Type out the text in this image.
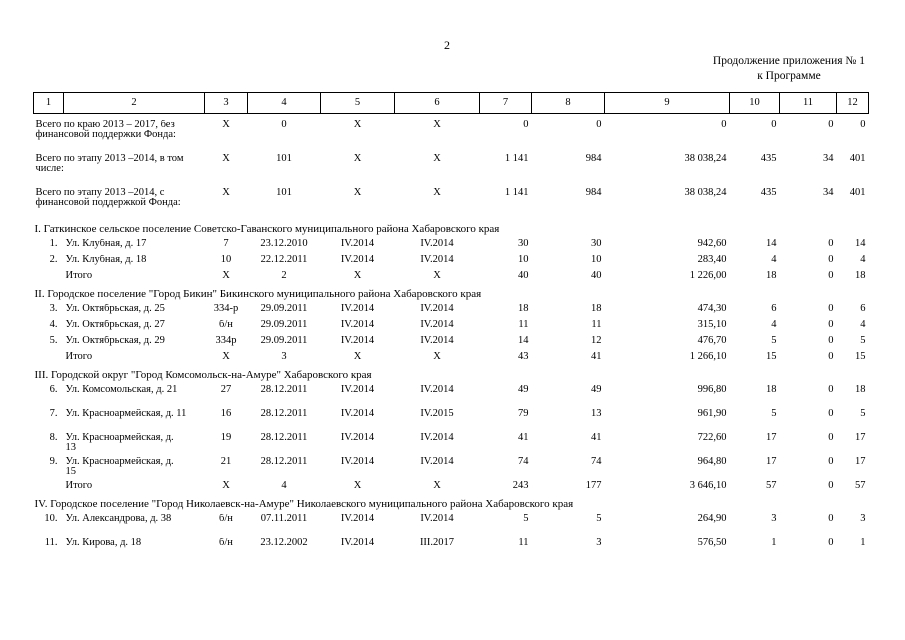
2
Продолжение приложения № 1
к Программе
1	2	3	4	5	6	7	8	9	10	11	12

Всего по краю 2013 – 2017, без финансовой поддержки Фонда:		Х	0	Х	Х	0	0	0	0	0	0
Всего по этапу 2013 –2014, в том числе:		Х	101	Х	Х	1 141	984	38 038,24	435	34	401
Всего по этапу 2013 –2014, с финансовой поддержкой Фонда:		Х	101	Х	Х	1 141	984	38 038,24	435	34	401
I. Гаткинское сельское поселение Советско-Гаванского муниципального района Хабаровского края											
1.	Ул. Клубная, д. 17	7	23.12.2010	IV.2014	IV.2014	30	30	942,60	14	0	14
2.	Ул. Клубная, д. 18	10	22.12.2011	IV.2014	IV.2014	10	10	283,40	4	0	4
	Итого	Х	2	Х	Х	40	40	1 226,00	18	0	18
II. Городское поселение "Город Бикин" Бикинского муниципального района Хабаровского края											
3.	Ул. Октябрьская, д. 25	334-р	29.09.2011	IV.2014	IV.2014	18	18	474,30	6	0	6
4.	Ул. Октябрьская, д. 27	б/н	29.09.2011	IV.2014	IV.2014	11	11	315,10	4	0	4
5.	Ул. Октябрьская, д. 29	334р	29.09.2011	IV.2014	IV.2014	14	12	476,70	5	0	5
	Итого	Х	3	Х	Х	43	41	1 266,10	15	0	15
III. Городской округ "Город Комсомольск-на-Амуре" Хабаровского края											
6.	Ул. Комсомольская, д. 21	27	28.12.2011	IV.2014	IV.2014	49	49	996,80	18	0	18
7.	Ул. Красноармейская, д. 11	16	28.12.2011	IV.2014	IV.2015	79	13	961,90	5	0	5
8.	Ул. Красноармейская, д. 13	19	28.12.2011	IV.2014	IV.2014	41	41	722,60	17	0	17
9.	Ул. Красноармейская, д. 15	21	28.12.2011	IV.2014	IV.2014	74	74	964,80	17	0	17
	Итого	Х	4	Х	Х	243	177	3 646,10	57	0	57
IV. Городское поселение "Город Николаевск-на-Амуре" Николаевского муниципального района Хабаровского края											
10.	Ул. Александрова, д. 38	б/н	07.11.2011	IV.2014	IV.2014	5	5	264,90	3	0	3
11.	Ул. Кирова, д. 18	б/н	23.12.2002	IV.2014	III.2017	11	3	576,50	1	0	1
